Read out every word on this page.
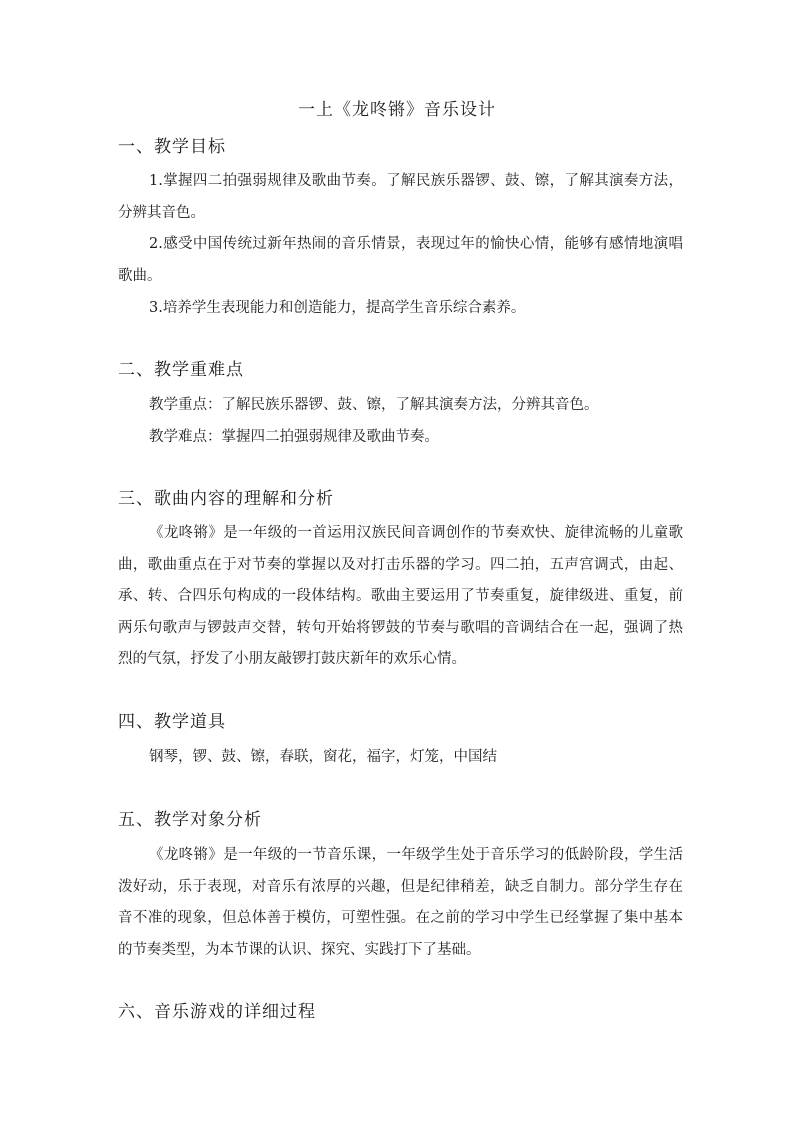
一上《龙咚锵》音乐设计
一、教学目标

1.掌握四二拍强弱规律及歌曲节奏。了解民族乐器锣、鼓、镲，了解其演奏方法，分辨其音色。

2.感受中国传统过新年热闹的音乐情景，表现过年的愉快心情，能够有感情地演唱歌曲。

3.培养学生表现能力和创造能力，提高学生音乐综合素养。
二、教学重难点
教学重点：了解民族乐器锣、鼓、镲，了解其演奏方法，分辨其音色。
教学难点：掌握四二拍强弱规律及歌曲节奏。
三、歌曲内容的理解和分析

《龙咚锵》是一年级的一首运用汉族民间音调创作的节奏欢快、旋律流畅的儿童歌曲，歌曲重点在于对节奏的掌握以及对打击乐器的学习。四二拍，五声宫调式，由起、承、转、合四乐句构成的一段体结构。歌曲主要运用了节奏重复，旋律级进、重复，前两乐句歌声与锣鼓声交替，转句开始将锣鼓的节奏与歌唱的音调结合在一起，强调了热烈的气氛，抒发了小朋友敲锣打鼓庆新年的欢乐心情。

四、教学道具
钢琴，锣、鼓、镲，春联，窗花，福字，灯笼，中国结
五、教学对象分析

《龙咚锵》是一年级的一节音乐课，一年级学生处于音乐学习的低龄阶段，学生活泼好动，乐于表现，对音乐有浓厚的兴趣，但是纪律稍差，缺乏自制力。部分学生存在音不准的现象，但总体善于模仿，可塑性强。在之前的学习中学生已经掌握了集中基本的节奏类型，为本节课的认识、探究、实践打下了基础。

六、音乐游戏的详细过程
